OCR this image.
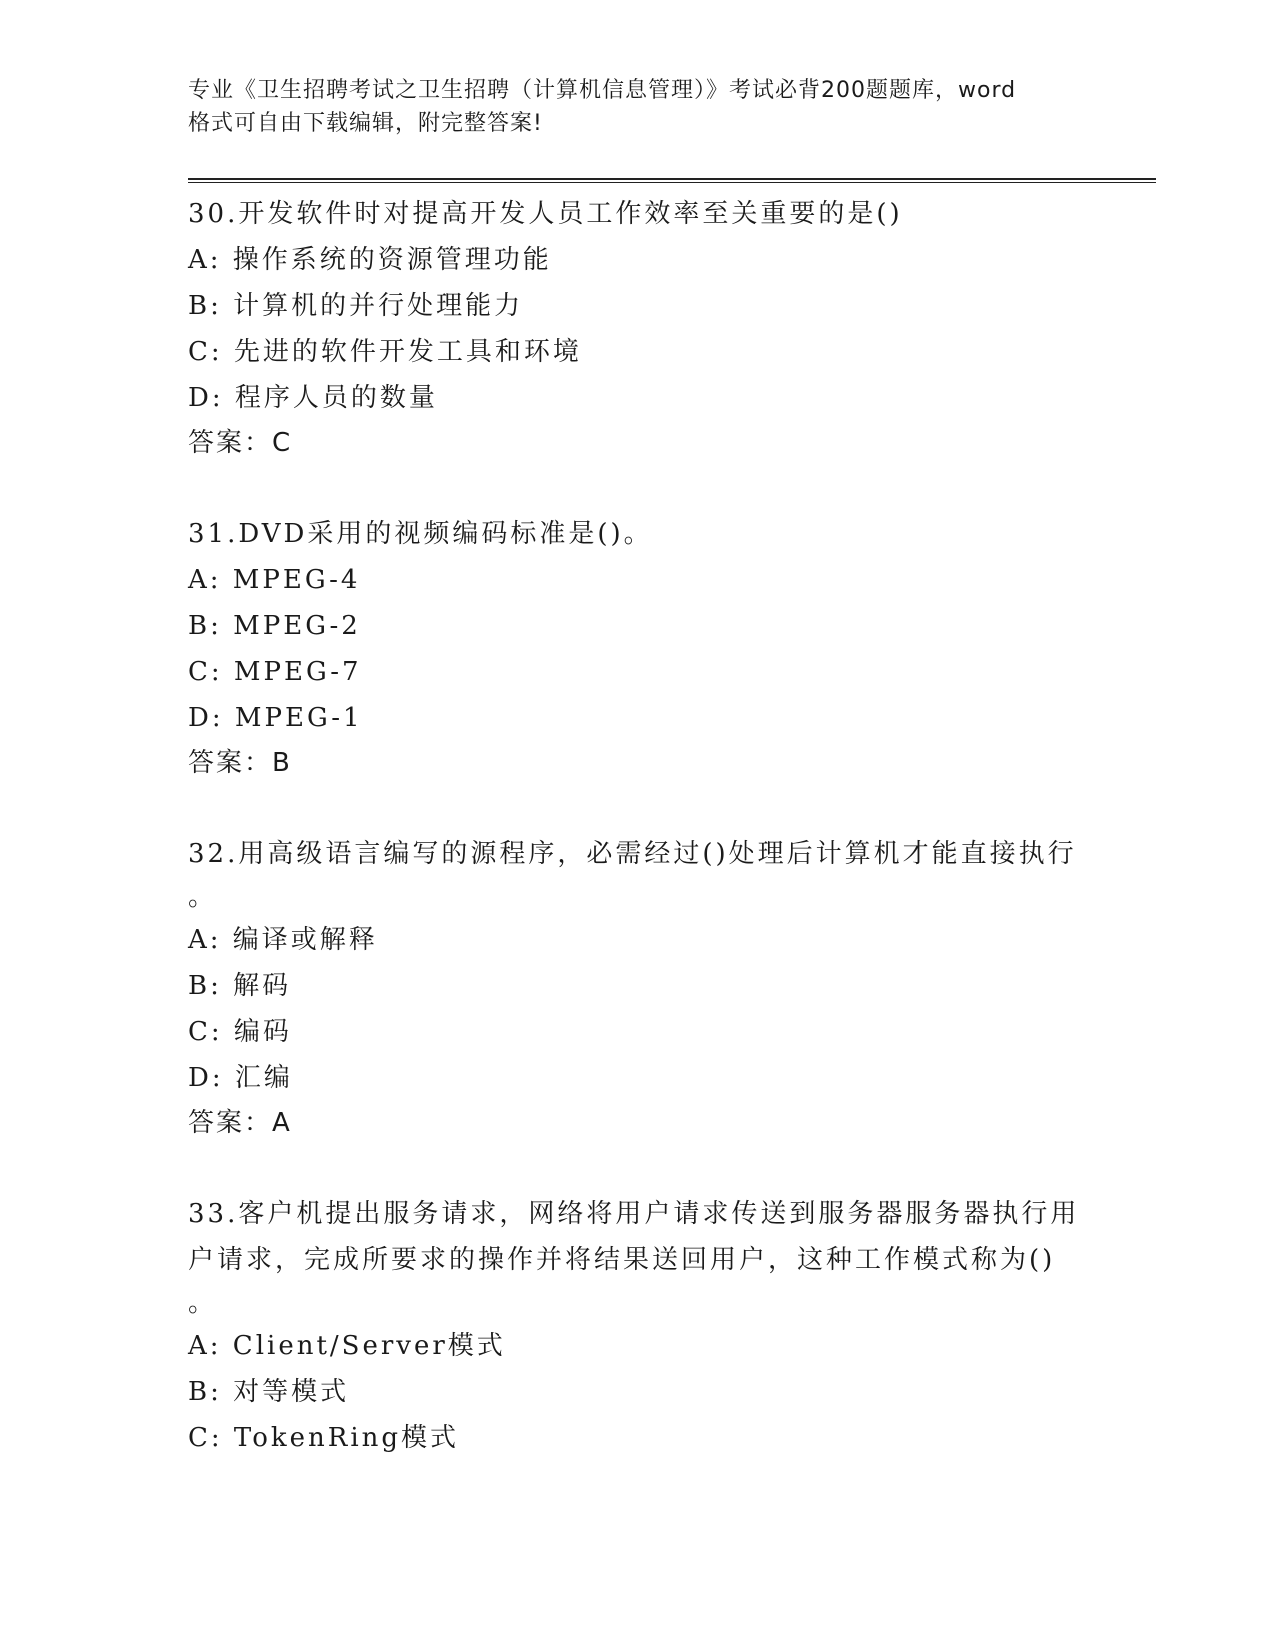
专业《卫生招聘考试之卫生招聘（计算机信息管理）》考试必背200题题库，word
格式可自由下载编辑，附完整答案!
30.开发软件时对提高开发人员工作效率至关重要的是()
A: 操作系统的资源管理功能
B: 计算机的并行处理能力
C: 先进的软件开发工具和环境
D: 程序人员的数量
答案：C
31.DVD采用的视频编码标准是()。
A: MPEG-4
B: MPEG-2
C: MPEG-7
D: MPEG-1
答案：B
32.用高级语言编写的源程序，必需经过()处理后计算机才能直接执行
。
A: 编译或解释
B: 解码
C: 编码
D: 汇编
答案：A
33.客户机提出服务请求，网络将用户请求传送到服务器服务器执行用
户请求，完成所要求的操作并将结果送回用户，这种工作模式称为()
。
A: Client/Server模式
B: 对等模式
C: TokenRing模式
